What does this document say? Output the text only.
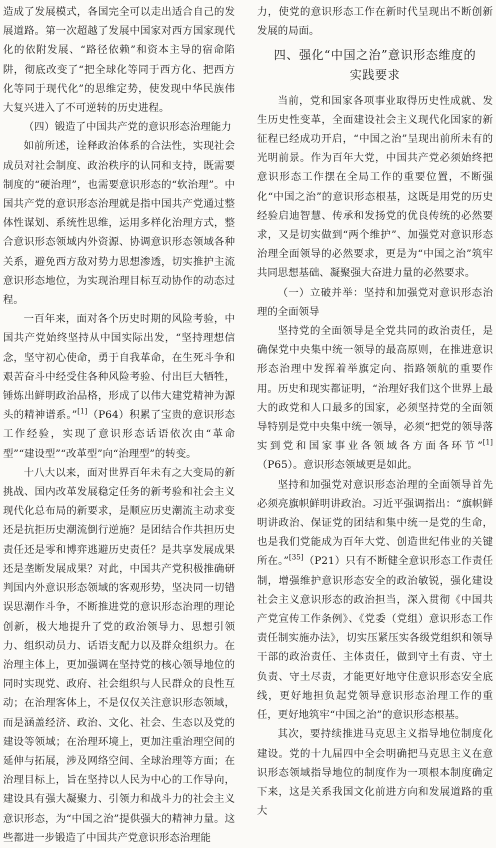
造成了发展模式，各国完全可以走出适合自己的发展道路。第一次超越了发展中国家对西方国家现代化的依附发展、“路径依赖”和资本主导的宿命陷阱，彻底改变了“把全球化等同于西方化、把西方化等同于现代化”的思维定势，使发现中华民族伟大复兴进入了不可逆转的历史进程。

（四）锻造了中国共产党的意识形态治理能力

如前所述，诠释政治体系的合法性，实现社会成员对社会制度、政治秩序的认同和支持，既需要制度的“硬治理”，也需要意识形态的“软治理”。中国共产党的意识形态治理就是指中国共产党通过整体性谋划、系统性思维，运用多样化治理方式，整合意识形态领域内外资源、协调意识形态领域各种关系，避免西方敌对势力思想渗透，切实推护主流意识形态地位，为实现治理目标互动协作的动态过程。

一百年来，面对各个历史时期的风险考验，中国共产党始终坚持从中国实际出发，“坚持理想信念，坚守初心使命，勇于自我革命，在生死斗争和艰苦奋斗中经受住各种风险考验、付出巨大牺牲，锤炼出鲜明政治品格，形成了以伟大建党精神为源头的精神谱系。”[1]（P64）积累了宝贵的意识形态工作经验，实现了意识形态话语依次由“革命型”“建设型”“改革型”向“治理型”的转变。

十八大以来，面对世界百年未有之大变局的新挑战、国内改革发展稳定任务的新考验和社会主义现代化总布局的新要求，是顺应历史潮流主动求变还是抗拒历史潮流倒行逆施？是团结合作共担历史责任还是零和博弈逃避历史责任？是共享发展成果还是垄断发展成果？对此，中国共产党积极推确研判国内外意识形态领域的客观形势，坚决同一切错误思潮作斗争，不断推进党的意识形态治理的理论创新，极大地提升了党的政治领导力、思想引领力、组织动员力、话语支配力以及群众组织力。在治理主体上，更加强调在坚持党的核心领导地位的同时实现党、政府、社会组织与人民群众的良性互动；在治理客体上，不是仅仅关注意识形态领域，而是涵盖经济、政治、文化、社会、生态以及党的建设等领域；在治理环境上，更加注重治理空间的延伸与拓展，涉及网络空间、全球治理等方面；在治理目标上，旨在坚持以人民为中心的工作导向，建设具有强大凝聚力、引领力和战斗力的社会主义意识形态，为“中国之治”提供强大的精神力量。这些都进一步锻造了中国共产党意识形态治理能

力，使党的意识形态工作在新时代呈现出不断创新发展的局面。

四、强化“中国之治”意识形态维度的
实践要求

当前，党和国家各项事业取得历史性成就、发生历史性变革，全面建设社会主义现代化国家的新征程已经成功开启，“中国之治”呈现出前所未有的光明前景。作为百年大党，中国共产党必须始终把意识形态工作摆在全局工作的重要位置，不断强化“中国之治”的意识形态根基，这既是用党的历史经验启迪智慧、传承和发扬党的优良传统的必然要求，又是切实做到“两个维护”、加强党对意识形态治理全面领导的必然要求，更是为“中国之治”筑牢共同思想基础、凝聚强大奋进力量的必然要求。

（一）立破并举：坚持和加强党对意识形态治理的全面领导

坚持党的全面领导是全党共同的政治责任，是确保党中央集中统一领导的最高原则，在推进意识形态治理中发挥着举旗定向、指路领航的重要作用。历史和现实都证明，“治理好我们这个世界上最大的政党和人口最多的国家，必须坚持党的全面领导特别是党中央集中统一领导，必须“把党的领导落实到党和国家事业各领域各方面各环节”[1]（P65）。意识形态领域更是如此。

坚持和加强党对意识形态治理的全面领导首先必须亮旗帜鲜明讲政治。习近平强调指出：“旗帜鲜明讲政治、保证党的团结和集中统一是党的生命，也是我们党能成为百年大党、创造世纪伟业的关键所在。”[35]（P21）只有不断健全意识形态工作责任制，增强维护意识形态安全的政治敏锐，强化建设社会主义意识形态的政治担当，深入贯彻《中国共产党宣传工作条例》、《党委（党组）意识形态工作责任制实施办法》，切实压紧压实各级党组织和领导干部的政治责任、主体责任，做到守土有责、守土负责、守土尽责，才能更好地守住意识形态安全底线，更好地担负起党领导意识形态治理工作的重任，更好地筑牢“中国之治”的意识形态根基。

其次，要持续推进马克思主义指导地位制度化建设。党的十九届四中全会明确把马克思主义在意识形态领域指导地位的制度作为一项根本制度确定下来，这是关系我国文化前进方向和发展道路的重大
